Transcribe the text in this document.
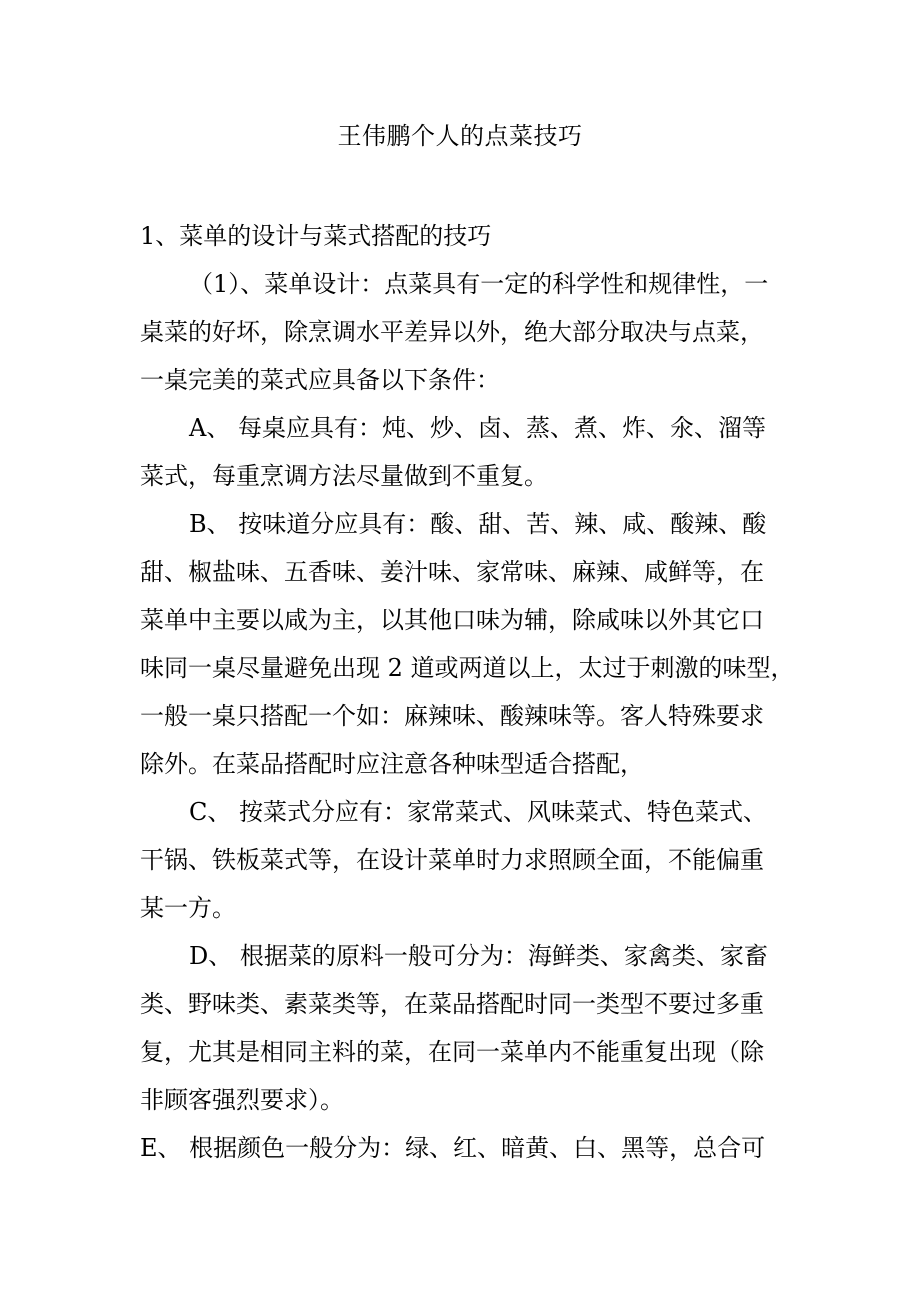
王伟鹏个人的点菜技巧
1、菜单的设计与菜式搭配的技巧
（1）、菜单设计：点菜具有一定的科学性和规律性，一
桌菜的好坏，除烹调水平差异以外，绝大部分取决与点菜，
一桌完美的菜式应具备以下条件：
A、 每桌应具有：炖、炒、卤、蒸、煮、炸、氽、溜等
菜式，每重烹调方法尽量做到不重复。
B、 按味道分应具有：酸、甜、苦、辣、咸、酸辣、酸
甜、椒盐味、五香味、姜汁味、家常味、麻辣、咸鲜等，在
菜单中主要以咸为主，以其他口味为辅，除咸味以外其它口
味同一桌尽量避免出现 2 道或两道以上，太过于刺激的味型，
一般一桌只搭配一个如：麻辣味、酸辣味等。客人特殊要求
除外。在菜品搭配时应注意各种味型适合搭配，
C、 按菜式分应有：家常菜式、风味菜式、特色菜式、
干锅、铁板菜式等，在设计菜单时力求照顾全面，不能偏重
某一方。
D、 根据菜的原料一般可分为：海鲜类、家禽类、家畜
类、野味类、素菜类等，在菜品搭配时同一类型不要过多重
复，尤其是相同主料的菜，在同一菜单内不能重复出现（除
非顾客强烈要求）。
E、 根据颜色一般分为：绿、红、暗黄、白、黑等，总合可
